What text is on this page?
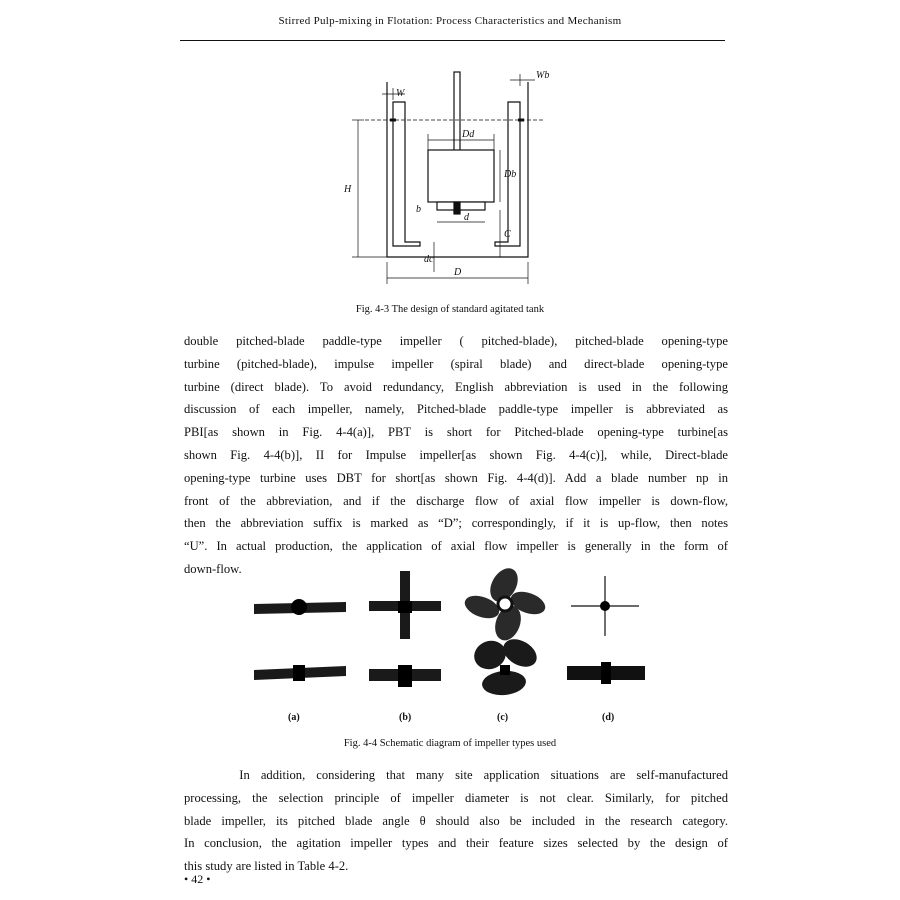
Stirred Pulp-mixing in Flotation: Process Characteristics and Mechanism
W
Wb
Dd
Db
H
b
d
C
dc
D
Fig. 4-3 The design of standard agitated tank
double pitched-blade paddle-type impeller ( pitched-blade), pitched-blade opening-type
turbine (pitched-blade), impulse impeller (spiral blade) and direct-blade opening-type
turbine (direct blade). To avoid redundancy, English abbreviation is used in the following
discussion of each impeller, namely, Pitched-blade paddle-type impeller is abbreviated as
PBI[as shown in Fig. 4-4(a)], PBT is short for Pitched-blade opening-type turbine[as
shown Fig. 4-4(b)], II for Impulse impeller[as shown Fig. 4-4(c)], while, Direct-blade
opening-type turbine uses DBT for short[as shown Fig. 4-4(d)]. Add a blade number np in
front of the abbreviation, and if the discharge flow of axial flow impeller is down-flow,
then the abbreviation suffix is marked as “D”; correspondingly, if it is up-flow, then notes
“U”. In actual production, the application of axial flow impeller is generally in the form of
down-flow.
(a)	(b)	(c)	(d)
Fig. 4-4 Schematic diagram of impeller types used
In addition, considering that many site application situations are self-manufactured
processing, the selection principle of impeller diameter is not clear. Similarly, for pitched
blade impeller, its pitched blade angle θ should also be included in the research category.
In conclusion, the agitation impeller types and their feature sizes selected by the design of
this study are listed in Table 4-2.
• 42 •
